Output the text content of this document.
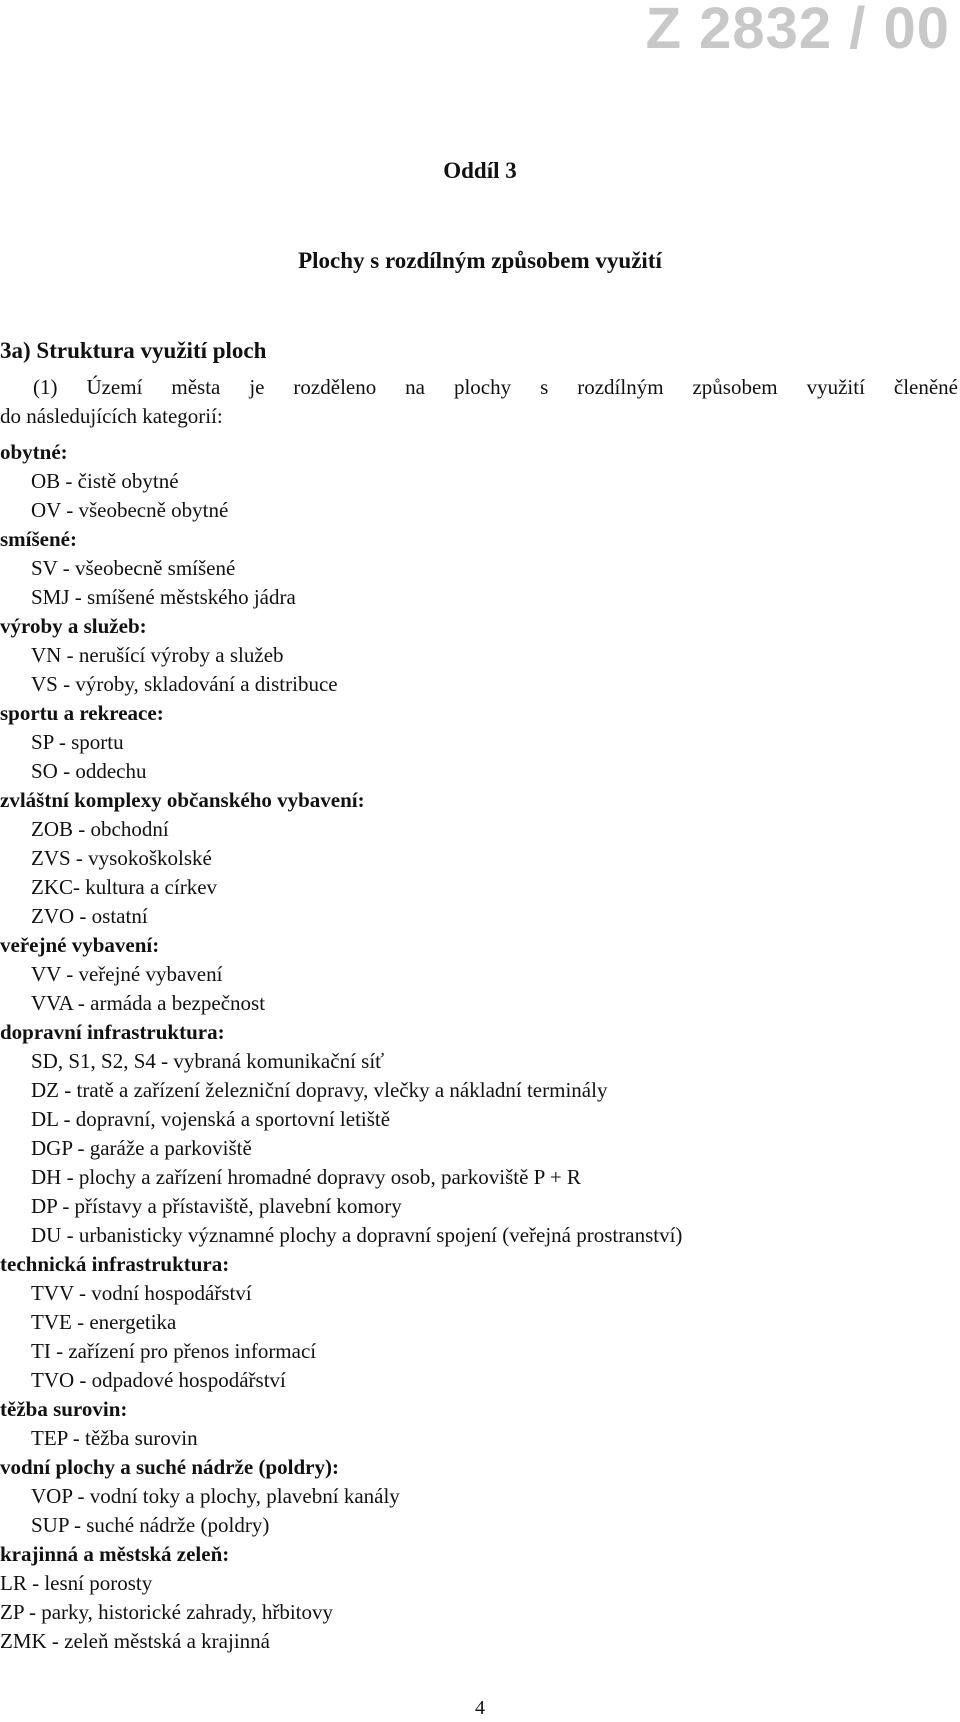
Z 2832 / 00
Oddíl 3
Plochy s rozdílným způsobem využití
3a) Struktura využití ploch

(1) Území města je rozděleno na plochy s rozdílným způsobem využití členěné
do následujících kategorií:

obytné:
OB - čistě obytné
OV - všeobecně obytné
smíšené:
SV - všeobecně smíšené
SMJ - smíšené městského jádra
výroby a služeb:
VN - nerušící výroby a služeb
VS - výroby, skladování a distribuce
sportu a rekreace:
SP - sportu
SO - oddechu
zvláštní komplexy občanského vybavení:
ZOB - obchodní
ZVS - vysokoškolské
ZKC- kultura a církev
ZVO - ostatní
veřejné vybavení:
VV - veřejné vybavení
VVA - armáda a bezpečnost
dopravní infrastruktura:
SD, S1, S2, S4 - vybraná komunikační síť
DZ - tratě a zařízení železniční dopravy, vlečky a nákladní terminály
DL - dopravní, vojenská a sportovní letiště
DGP - garáže a parkoviště
DH - plochy a zařízení hromadné dopravy osob, parkoviště P + R
DP - přístavy a přístaviště, plavební komory
DU - urbanisticky významné plochy a dopravní spojení (veřejná prostranství)
technická infrastruktura:
TVV - vodní hospodářství
TVE - energetika
TI - zařízení pro přenos informací
TVO - odpadové hospodářství
těžba surovin:
TEP - těžba surovin
vodní plochy a suché nádrže (poldry):
VOP - vodní toky a plochy, plavební kanály
SUP - suché nádrže (poldry)
krajinná a městská zeleň:
LR - lesní porosty
ZP - parky, historické zahrady, hřbitovy
ZMK - zeleň městská a krajinná
4
